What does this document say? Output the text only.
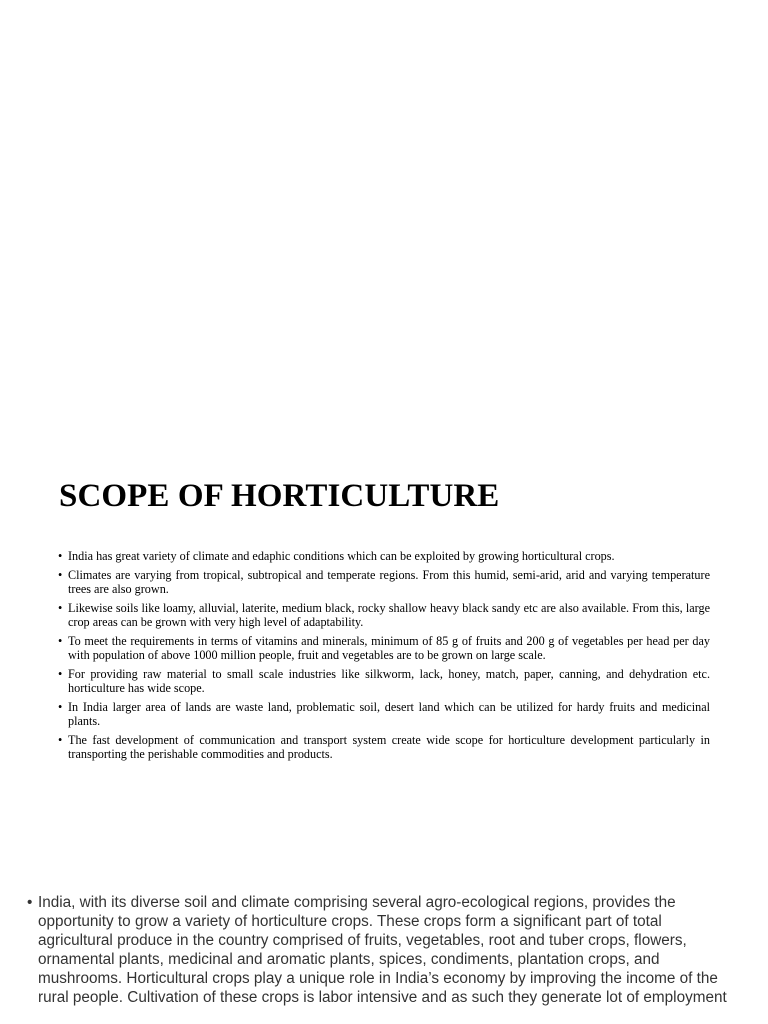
SCOPE OF HORTICULTURE
• India has great variety of climate and edaphic conditions which can be exploited by growing horticultural crops.
• Climates are varying from tropical, subtropical and temperate regions. From this humid, semi-arid, arid and varying temperature trees are also grown.
• Likewise soils like loamy, alluvial, laterite, medium black, rocky shallow heavy black sandy etc are also available. From this, large crop areas can be grown with very high level of adaptability.
• To meet the requirements in terms of vitamins and minerals, minimum of 85 g of fruits and 200 g of vegetables per head per day with population of above 1000 million people, fruit and vegetables are to be grown on large scale.
• For providing raw material to small scale industries like silkworm, lack, honey, match, paper, canning, and dehydration etc. horticulture has wide scope.
• In India larger area of lands are waste land, problematic soil, desert land which can be utilized for hardy fruits and medicinal plants.
• The fast development of communication and transport system create wide scope for horticulture development particularly in transporting the perishable commodities and products.

• India, with its diverse soil and climate comprising several agro-ecological regions, provides the opportunity to grow a variety of horticulture crops. These crops form a significant part of total agricultural produce in the country comprised of fruits, vegetables, root and tuber crops, flowers, ornamental plants, medicinal and aromatic plants, spices, condiments, plantation crops, and mushrooms. Horticultural crops play a unique role in India’s economy by improving the income of the rural people. Cultivation of these crops is labor intensive and as such they generate lot of employment
